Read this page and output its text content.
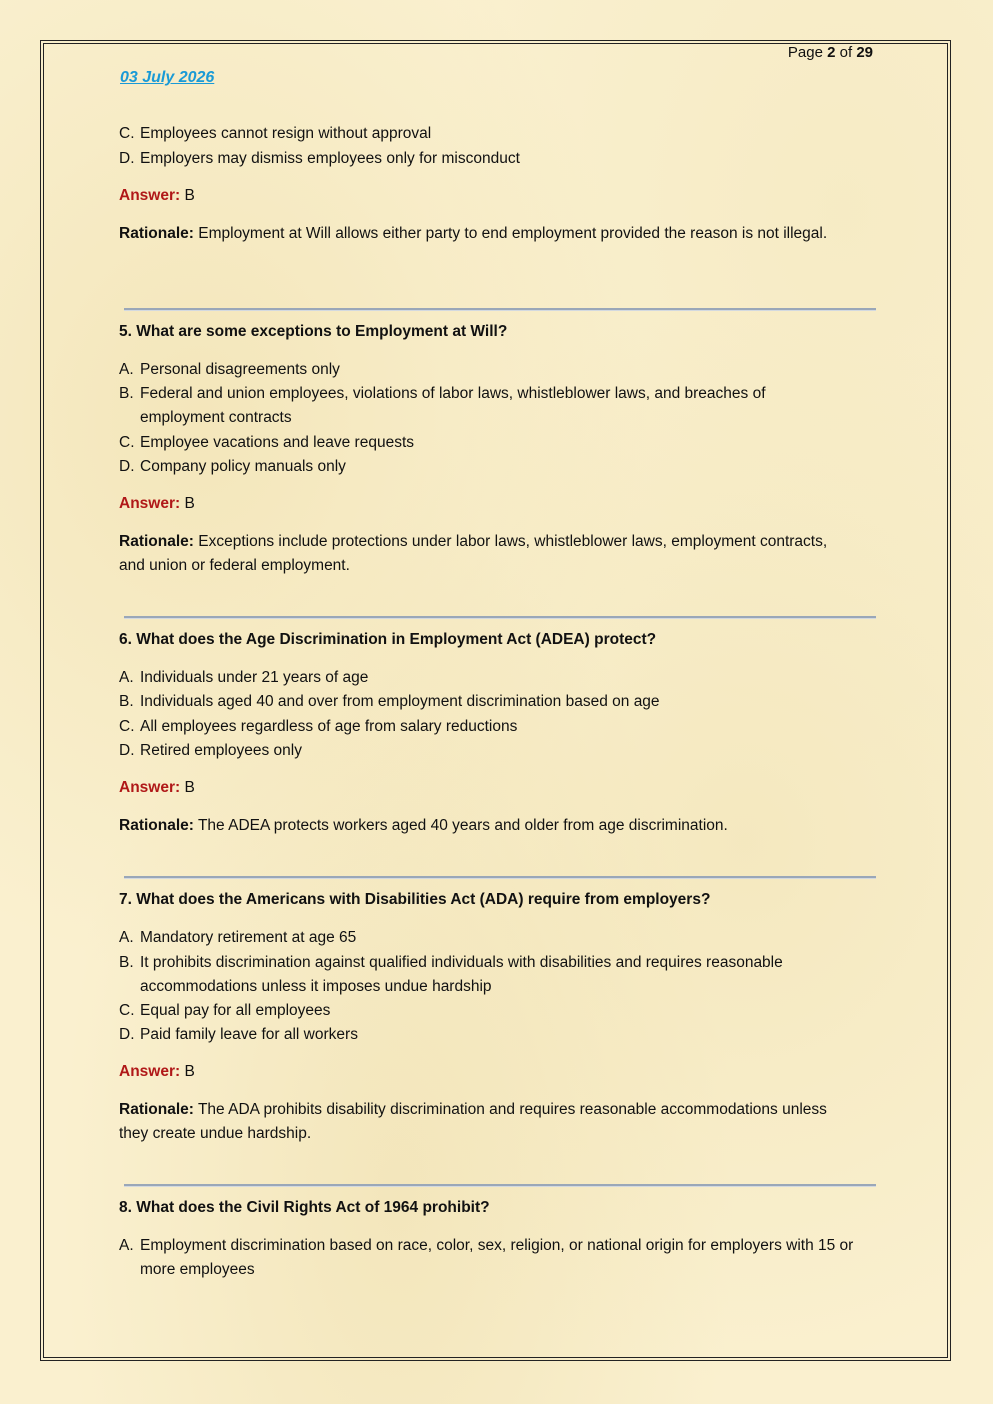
Page 2 of 29
03 July 2026
C. Employees cannot resign without approval
D. Employers may dismiss employees only for misconduct
Answer: B
Rationale: Employment at Will allows either party to end employment provided the reason is not illegal.
5. What are some exceptions to Employment at Will?
A. Personal disagreements only
B. Federal and union employees, violations of labor laws, whistleblower laws, and breaches of employment contracts
C. Employee vacations and leave requests
D. Company policy manuals only
Answer: B
Rationale: Exceptions include protections under labor laws, whistleblower laws, employment contracts, and union or federal employment.
6. What does the Age Discrimination in Employment Act (ADEA) protect?
A. Individuals under 21 years of age
B. Individuals aged 40 and over from employment discrimination based on age
C. All employees regardless of age from salary reductions
D. Retired employees only
Answer: B
Rationale: The ADEA protects workers aged 40 years and older from age discrimination.
7. What does the Americans with Disabilities Act (ADA) require from employers?
A. Mandatory retirement at age 65
B. It prohibits discrimination against qualified individuals with disabilities and requires reasonable accommodations unless it imposes undue hardship
C. Equal pay for all employees
D. Paid family leave for all workers
Answer: B
Rationale: The ADA prohibits disability discrimination and requires reasonable accommodations unless they create undue hardship.
8. What does the Civil Rights Act of 1964 prohibit?
A. Employment discrimination based on race, color, sex, religion, or national origin for employers with 15 or more employees
